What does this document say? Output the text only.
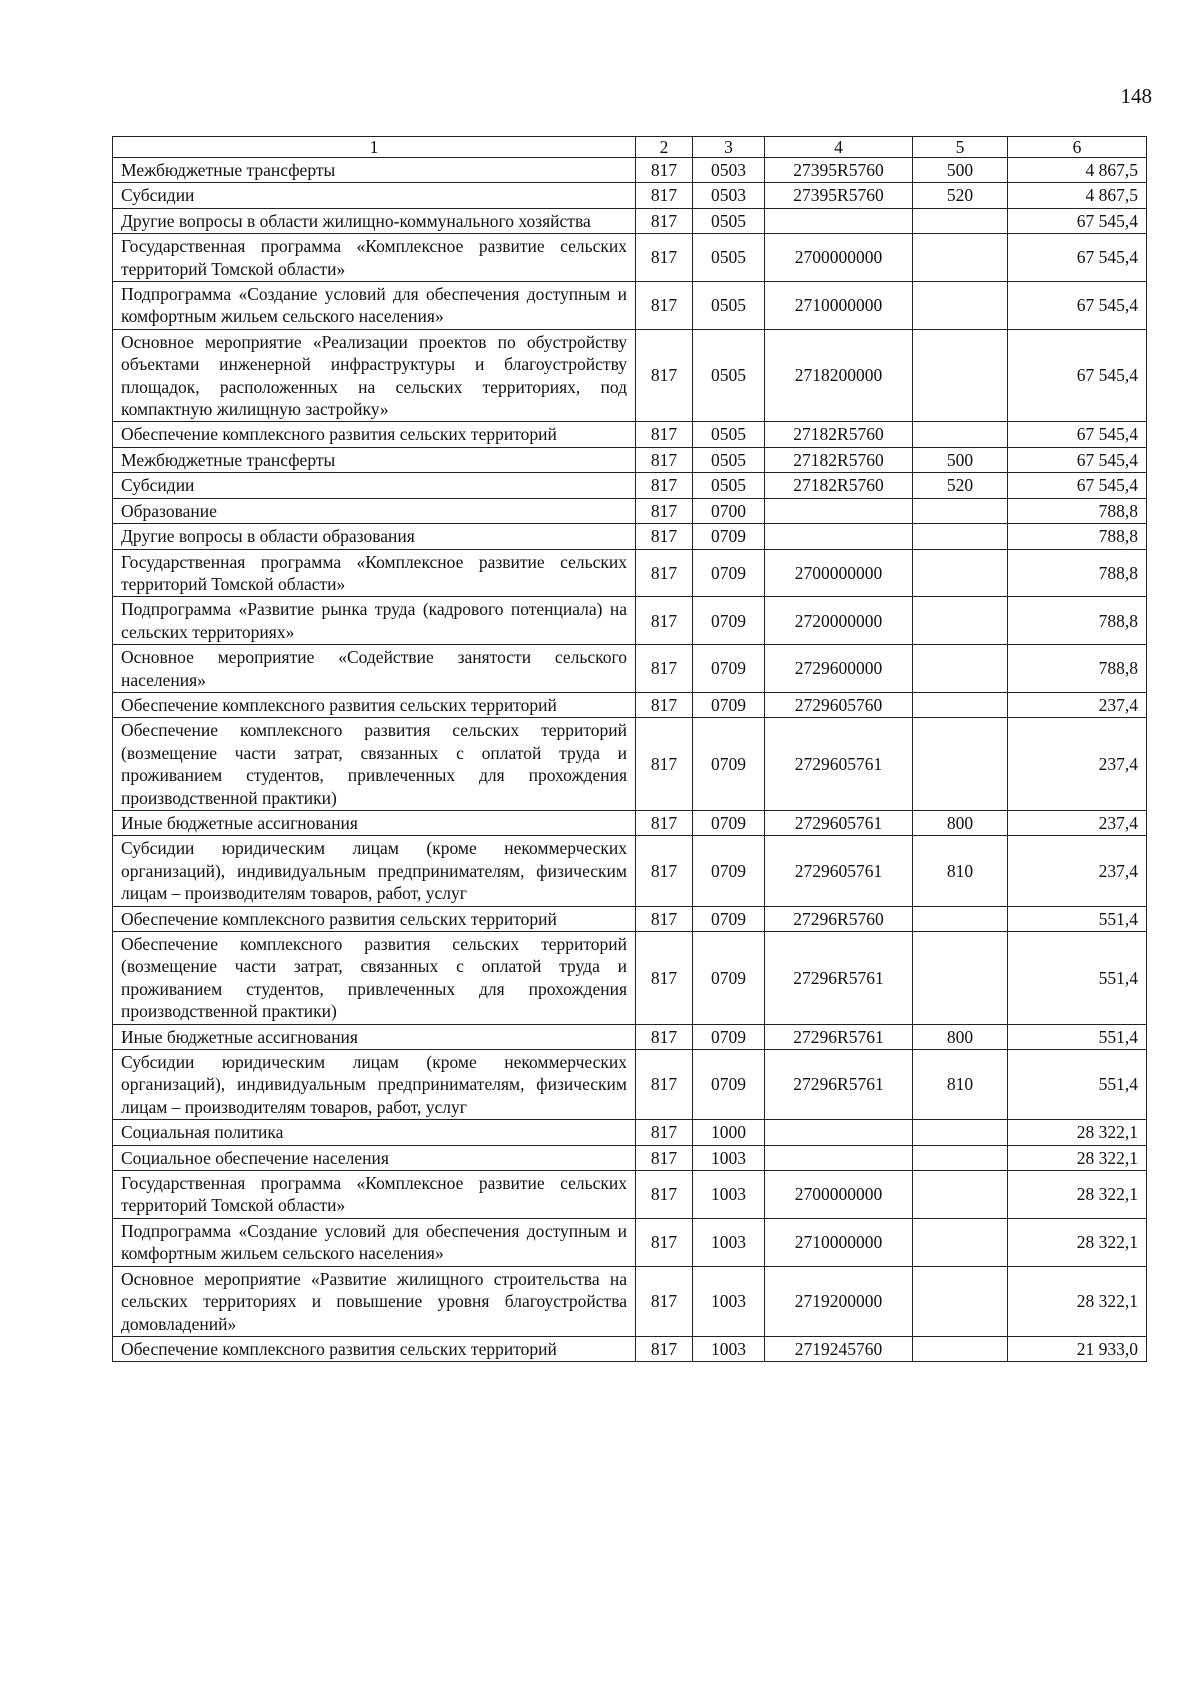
148
1	2	3	4	5	6
Межбюджетные трансферты	817	0503	27395R5760	500	4 867,5
Субсидии	817	0503	27395R5760	520	4 867,5
Другие вопросы в области жилищно-коммунального хозяйства	817	0505			67 545,4
Государственная программа «Комплексное развитие сельских территорий Томской области»	817	0505	2700000000		67 545,4
Подпрограмма «Создание условий для обеспечения доступным и комфортным жильем сельского населения»	817	0505	2710000000		67 545,4
Основное мероприятие «Реализации проектов по обустройству объектами инженерной инфраструктуры и благоустройству площадок, расположенных на сельских территориях, под компактную жилищную застройку»	817	0505	2718200000		67 545,4
Обеспечение комплексного развития сельских территорий	817	0505	27182R5760		67 545,4
Межбюджетные трансферты	817	0505	27182R5760	500	67 545,4
Субсидии	817	0505	27182R5760	520	67 545,4
Образование	817	0700			788,8
Другие вопросы в области образования	817	0709			788,8
Государственная программа «Комплексное развитие сельских территорий Томской области»	817	0709	2700000000		788,8
Подпрограмма «Развитие рынка труда (кадрового потенциала) на сельских территориях»	817	0709	2720000000		788,8
Основное мероприятие «Содействие занятости сельского населения»	817	0709	2729600000		788,8
Обеспечение комплексного развития сельских территорий	817	0709	2729605760		237,4
Обеспечение комплексного развития сельских территорий (возмещение части затрат, связанных с оплатой труда и проживанием студентов, привлеченных для прохождения производственной практики)	817	0709	2729605761		237,4
Иные бюджетные ассигнования	817	0709	2729605761	800	237,4
Субсидии юридическим лицам (кроме некоммерческих организаций), индивидуальным предпринимателям, физическим лицам – производителям товаров, работ, услуг	817	0709	2729605761	810	237,4
Обеспечение комплексного развития сельских территорий	817	0709	27296R5760		551,4
Обеспечение комплексного развития сельских территорий (возмещение части затрат, связанных с оплатой труда и проживанием студентов, привлеченных для прохождения производственной практики)	817	0709	27296R5761		551,4
Иные бюджетные ассигнования	817	0709	27296R5761	800	551,4
Субсидии юридическим лицам (кроме некоммерческих организаций), индивидуальным предпринимателям, физическим лицам – производителям товаров, работ, услуг	817	0709	27296R5761	810	551,4
Социальная политика	817	1000			28 322,1
Социальное обеспечение населения	817	1003			28 322,1
Государственная программа «Комплексное развитие сельских территорий Томской области»	817	1003	2700000000		28 322,1
Подпрограмма «Создание условий для обеспечения доступным и комфортным жильем сельского населения»	817	1003	2710000000		28 322,1
Основное мероприятие «Развитие жилищного строительства на сельских территориях и повышение уровня благоустройства домовладений»	817	1003	2719200000		28 322,1
Обеспечение комплексного развития сельских территорий	817	1003	2719245760		21 933,0
